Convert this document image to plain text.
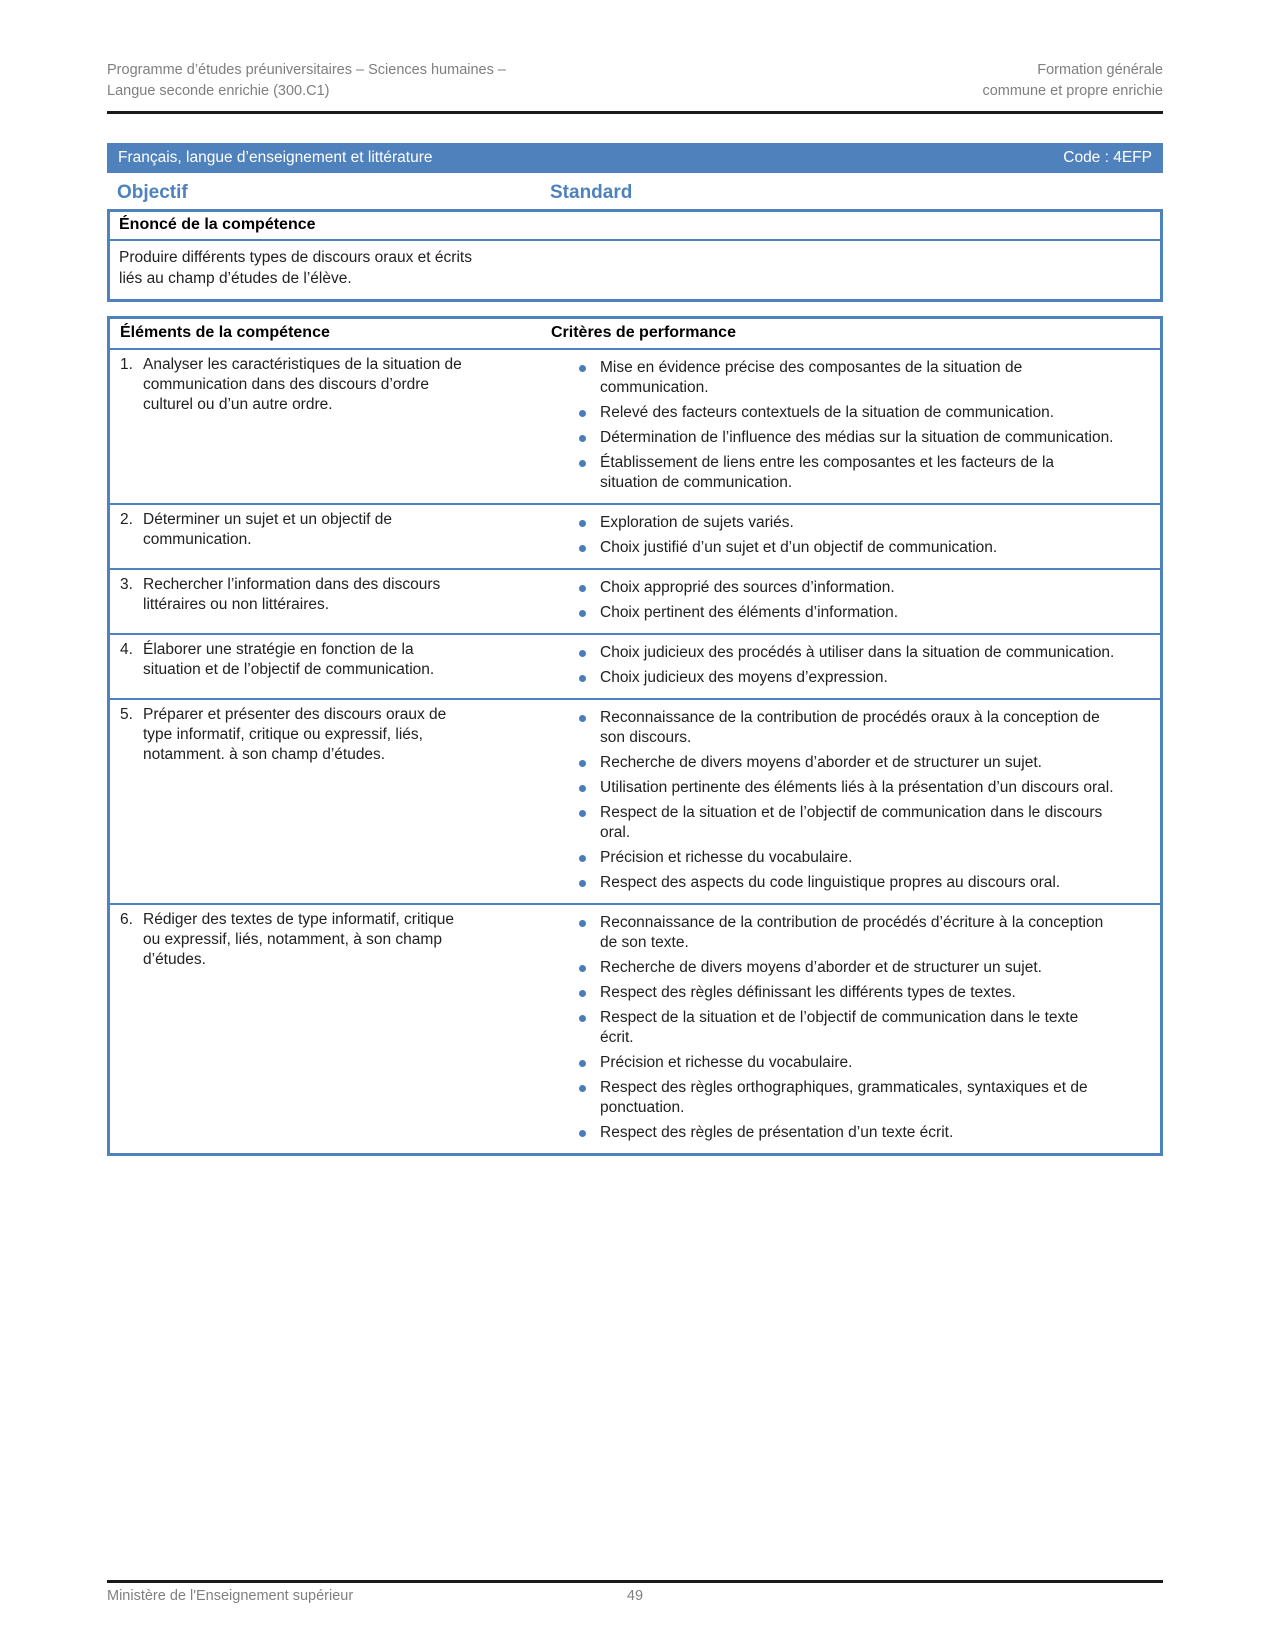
Programme d’études préuniversitaires – Sciences humaines –
Langue seconde enrichie (300.C1)
Formation générale
commune et propre enrichie
Français, langue d’enseignement et littérature	Code : 4EFP
Objectif	Standard
Énoncé de la compétence
Produire différents types de discours oraux et écrits liés au champ d’études de l’élève.
Éléments de la compétence	Critères de performance
1. Analyser les caractéristiques de la situation de communication dans des discours d’ordre culturel ou d’un autre ordre.
Mise en évidence précise des composantes de la situation de communication.
Relevé des facteurs contextuels de la situation de communication.
Détermination de l’influence des médias sur la situation de communication.
Établissement de liens entre les composantes et les facteurs de la situation de communication.
2. Déterminer un sujet et un objectif de communication.
Exploration de sujets variés.
Choix justifié d’un sujet et d’un objectif de communication.
3. Rechercher l’information dans des discours littéraires ou non littéraires.
Choix approprié des sources d’information.
Choix pertinent des éléments d’information.
4. Élaborer une stratégie en fonction de la situation et de l’objectif de communication.
Choix judicieux des procédés à utiliser dans la situation de communication.
Choix judicieux des moyens d’expression.
5. Préparer et présenter des discours oraux de type informatif, critique ou expressif, liés, notamment. à son champ d’études.
Reconnaissance de la contribution de procédés oraux à la conception de son discours.
Recherche de divers moyens d’aborder et de structurer un sujet.
Utilisation pertinente des éléments liés à la présentation d’un discours oral.
Respect de la situation et de l’objectif de communication dans le discours oral.
Précision et richesse du vocabulaire.
Respect des aspects du code linguistique propres au discours oral.
6. Rédiger des textes de type informatif, critique ou expressif, liés, notamment, à son champ d’études.
Reconnaissance de la contribution de procédés d’écriture à la conception de son texte.
Recherche de divers moyens d’aborder et de structurer un sujet.
Respect des règles définissant les différents types de textes.
Respect de la situation et de l’objectif de communication dans le texte écrit.
Précision et richesse du vocabulaire.
Respect des règles orthographiques, grammaticales, syntaxiques et de ponctuation.
Respect des règles de présentation d’un texte écrit.
Ministère de l'Enseignement supérieur	49
